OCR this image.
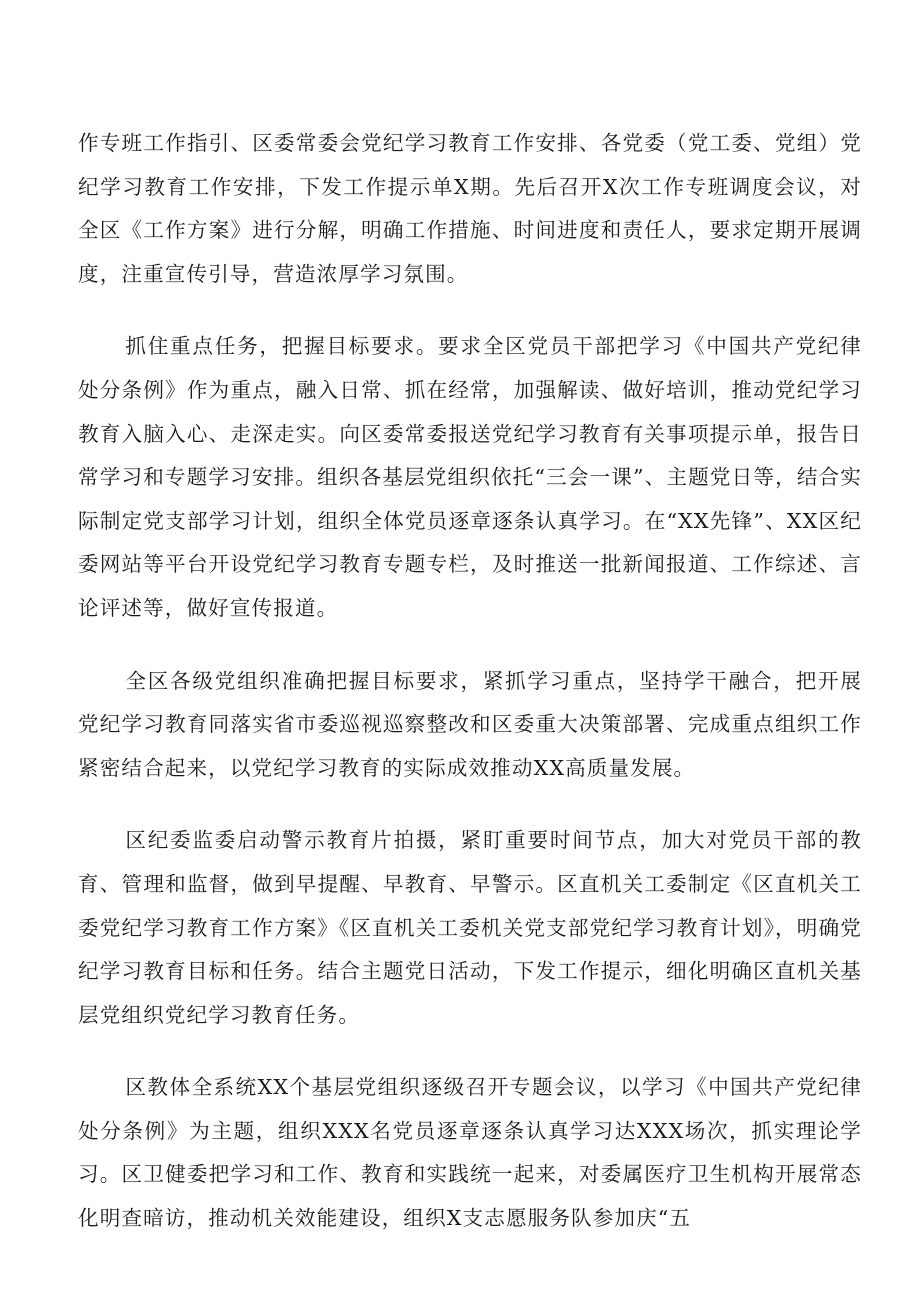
作专班工作指引、区委常委会党纪学习教育工作安排、各党委（党工委、党组）党纪学习教育工作安排，下发工作提示单X期。先后召开X次工作专班调度会议，对全区《工作方案》进行分解，明确工作措施、时间进度和责任人，要求定期开展调度，注重宣传引导，营造浓厚学习氛围。

抓住重点任务，把握目标要求。要求全区党员干部把学习《中国共产党纪律处分条例》作为重点，融入日常、抓在经常，加强解读、做好培训，推动党纪学习教育入脑入心、走深走实。向区委常委报送党纪学习教育有关事项提示单，报告日常学习和专题学习安排。组织各基层党组织依托“三会一课”、主题党日等，结合实际制定党支部学习计划，组织全体党员逐章逐条认真学习。在“XX先锋”、XX区纪委网站等平台开设党纪学习教育专题专栏，及时推送一批新闻报道、工作综述、言论评述等，做好宣传报道。

全区各级党组织准确把握目标要求，紧抓学习重点，坚持学干融合，把开展党纪学习教育同落实省市委巡视巡察整改和区委重大决策部署、完成重点组织工作紧密结合起来，以党纪学习教育的实际成效推动XX高质量发展。

区纪委监委启动警示教育片拍摄，紧盯重要时间节点，加大对党员干部的教育、管理和监督，做到早提醒、早教育、早警示。区直机关工委制定《区直机关工委党纪学习教育工作方案》《区直机关工委机关党支部党纪学习教育计划》，明确党纪学习教育目标和任务。结合主题党日活动，下发工作提示，细化明确区直机关基层党组织党纪学习教育任务。

区教体全系统XX个基层党组织逐级召开专题会议，以学习《中国共产党纪律处分条例》为主题，组织XXX名党员逐章逐条认真学习达XXX场次，抓实理论学习。区卫健委把学习和工作、教育和实践统一起来，对委属医疗卫生机构开展常态化明查暗访，推动机关效能建设，组织X支志愿服务队参加庆“五
